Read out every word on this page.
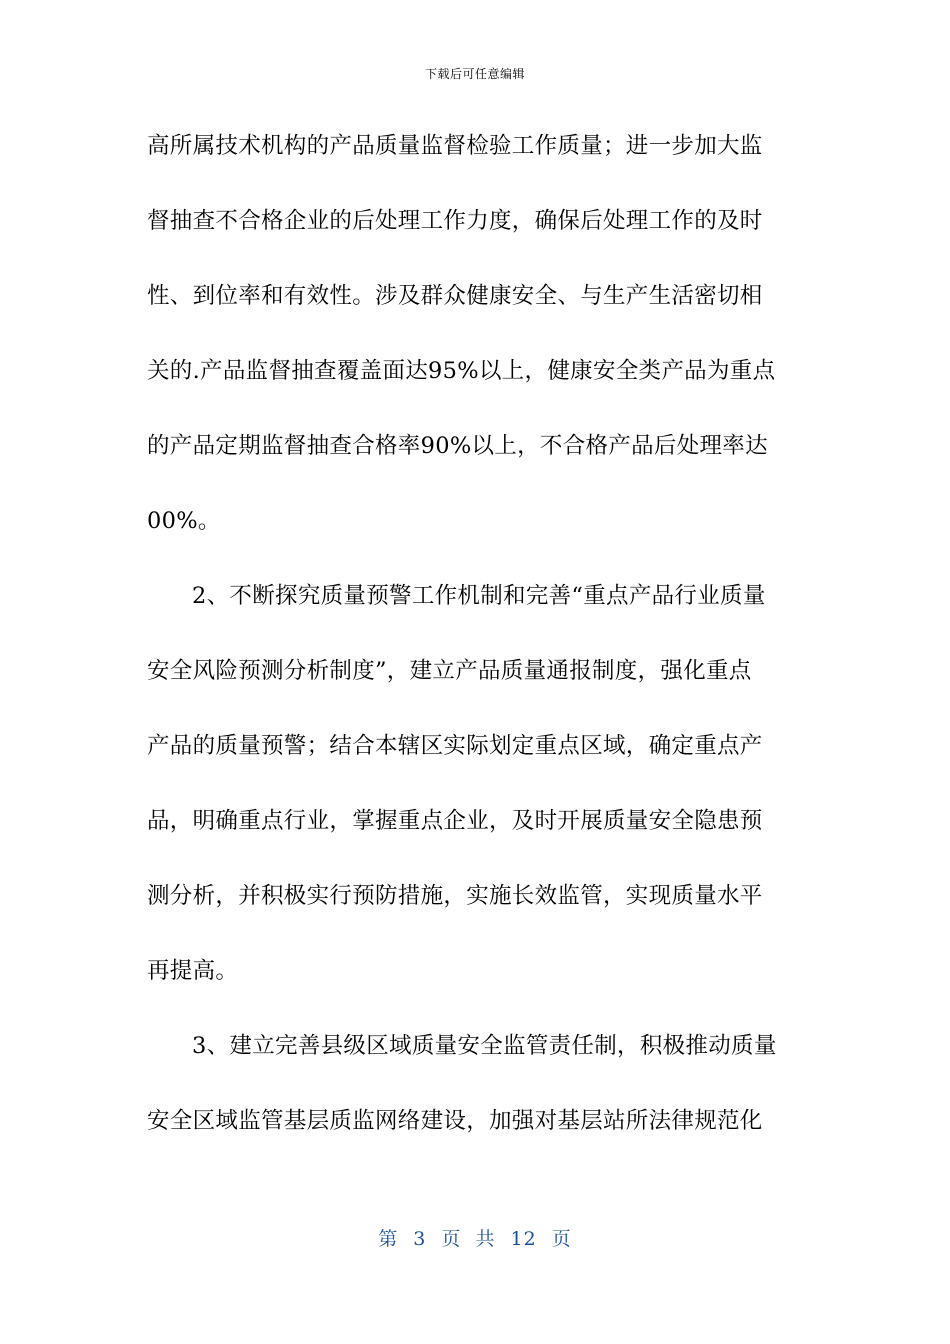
下载后可任意编辑
高所属技术机构的产品质量监督检验工作质量；进一步加大监
督抽查不合格企业的后处理工作力度，确保后处理工作的及时
性、到位率和有效性。涉及群众健康安全、与生产生活密切相
关的.产品监督抽查覆盖面达95%以上，健康安全类产品为重点
的产品定期监督抽查合格率90%以上，不合格产品后处理率达
00%。
2、不断探究质量预警工作机制和完善“重点产品行业质量
安全风险预测分析制度”，建立产品质量通报制度，强化重点
产品的质量预警；结合本辖区实际划定重点区域，确定重点产
品，明确重点行业，掌握重点企业，及时开展质量安全隐患预
测分析，并积极实行预防措施，实施长效监管，实现质量水平
再提高。
3、建立完善县级区域质量安全监管责任制，积极推动质量
安全区域监管基层质监网络建设，加强对基层站所法律规范化
第 3 页  共 12 页
